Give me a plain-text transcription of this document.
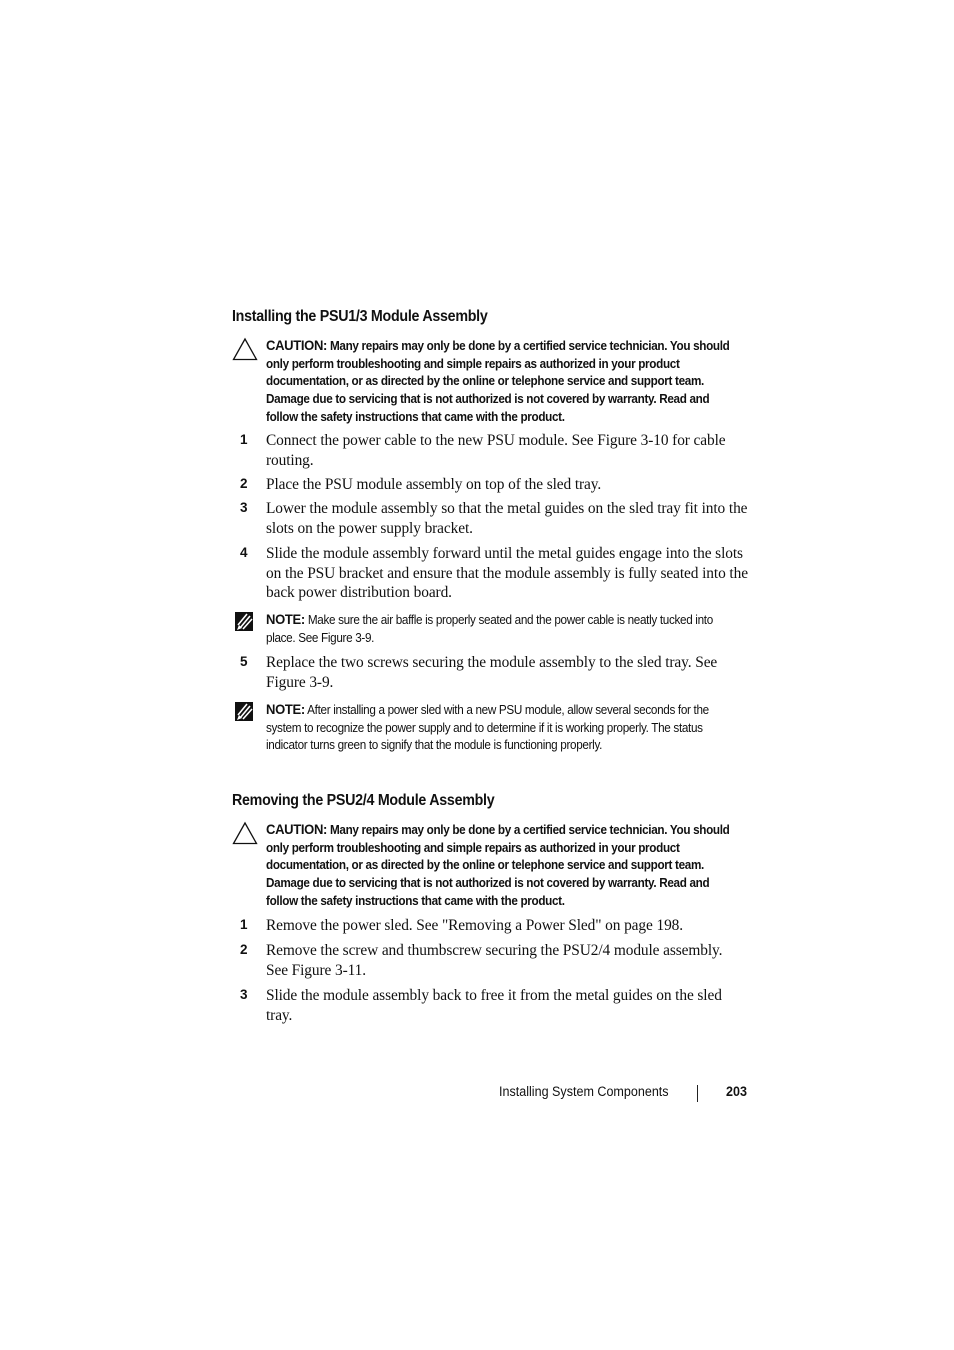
Installing the PSU1/3 Module Assembly
CAUTION: Many repairs may only be done by a certified service technician. You should only perform troubleshooting and simple repairs as authorized in your product documentation, or as directed by the online or telephone service and support team. Damage due to servicing that is not authorized is not covered by warranty. Read and follow the safety instructions that came with the product.
1	Connect the power cable to the new PSU module. See Figure 3-10 for cable routing.
2	Place the PSU module assembly on top of the sled tray.
3	Lower the module assembly so that the metal guides on the sled tray fit into the slots on the power supply bracket.
4	Slide the module assembly forward until the metal guides engage into the slots on the PSU bracket and ensure that the module assembly is fully seated into the back power distribution board.
NOTE: Make sure the air baffle is properly seated and the power cable is neatly tucked into place. See Figure 3-9.
5	Replace the two screws securing the module assembly to the sled tray. See Figure 3-9.
NOTE: After installing a power sled with a new PSU module, allow several seconds for the system to recognize the power supply and to determine if it is working properly. The status indicator turns green to signify that the module is functioning properly.
Removing the PSU2/4 Module Assembly
CAUTION: Many repairs may only be done by a certified service technician. You should only perform troubleshooting and simple repairs as authorized in your product documentation, or as directed by the online or telephone service and support team. Damage due to servicing that is not authorized is not covered by warranty. Read and follow the safety instructions that came with the product.
1	Remove the power sled. See "Removing a Power Sled" on page 198.
2	Remove the screw and thumbscrew securing the PSU2/4 module assembly. See Figure 3-11.
3	Slide the module assembly back to free it from the metal guides on the sled tray.
Installing System Components	203
